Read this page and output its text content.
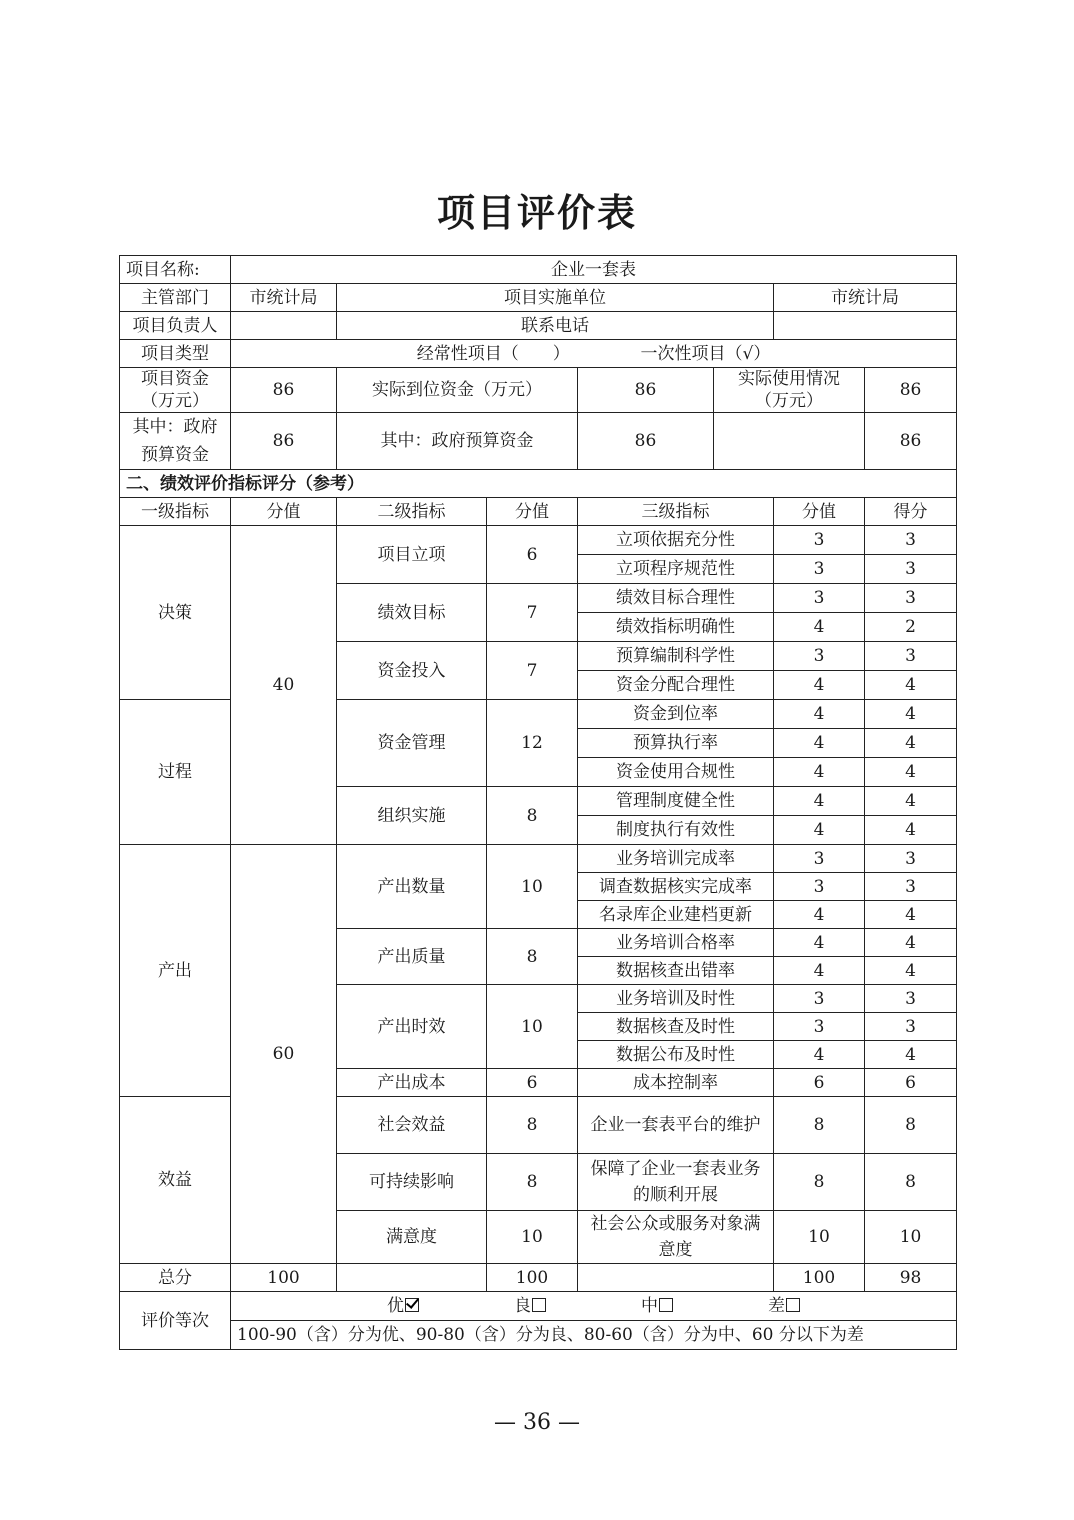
项目评价表
项目名称:	企业一套表						
主管部门	市统计局	项目实施单位				市统计局	
项目负责人		联系电话					
项目类型	经常性项目（　　） 一次性项目（√）						
项目资金（万元）	86	实际到位资金（万元）		86	实际使用情况（万元）		86
其中：政府预算资金	86	其中：政府预算资金		86			86
二、绩效评价指标评分（参考）							
一级指标	分值	二级指标	分值	三级指标		分值	得分
决策	40	项目立项	6	立项依据充分性		3	3
				立项程序规范性		3	3
		绩效目标	7	绩效目标合理性		3	3
				绩效指标明确性		4	2
		资金投入	7	预算编制科学性		3	3
				资金分配合理性		4	4
过程		资金管理	12	资金到位率		4	4
				预算执行率		4	4
				资金使用合规性		4	4
		组织实施	8	管理制度健全性		4	4
				制度执行有效性		4	4
产出	60	产出数量	10	业务培训完成率		3	3
				调查数据核实完成率		3	3
				名录库企业建档更新		4	4
		产出质量	8	业务培训合格率		4	4
				数据核查出错率		4	4
		产出时效	10	业务培训及时性		3	3
				数据核查及时性		3	3
				数据公布及时性		4	4
		产出成本	6	成本控制率		6	6
效益		社会效益	8	企业一套表平台的维护		8	8
		可持续影响	8	保障了企业一套表业务的顺利开展		8	8
		满意度	10	社会公众或服务对象满意度		10	10
总分	100		100			100	98
评价等次	优 良 中 差						
	100-90（含）分为优、90-80（含）分为良、80-60（含）分为中、60 分以下为差						
— 36 —
